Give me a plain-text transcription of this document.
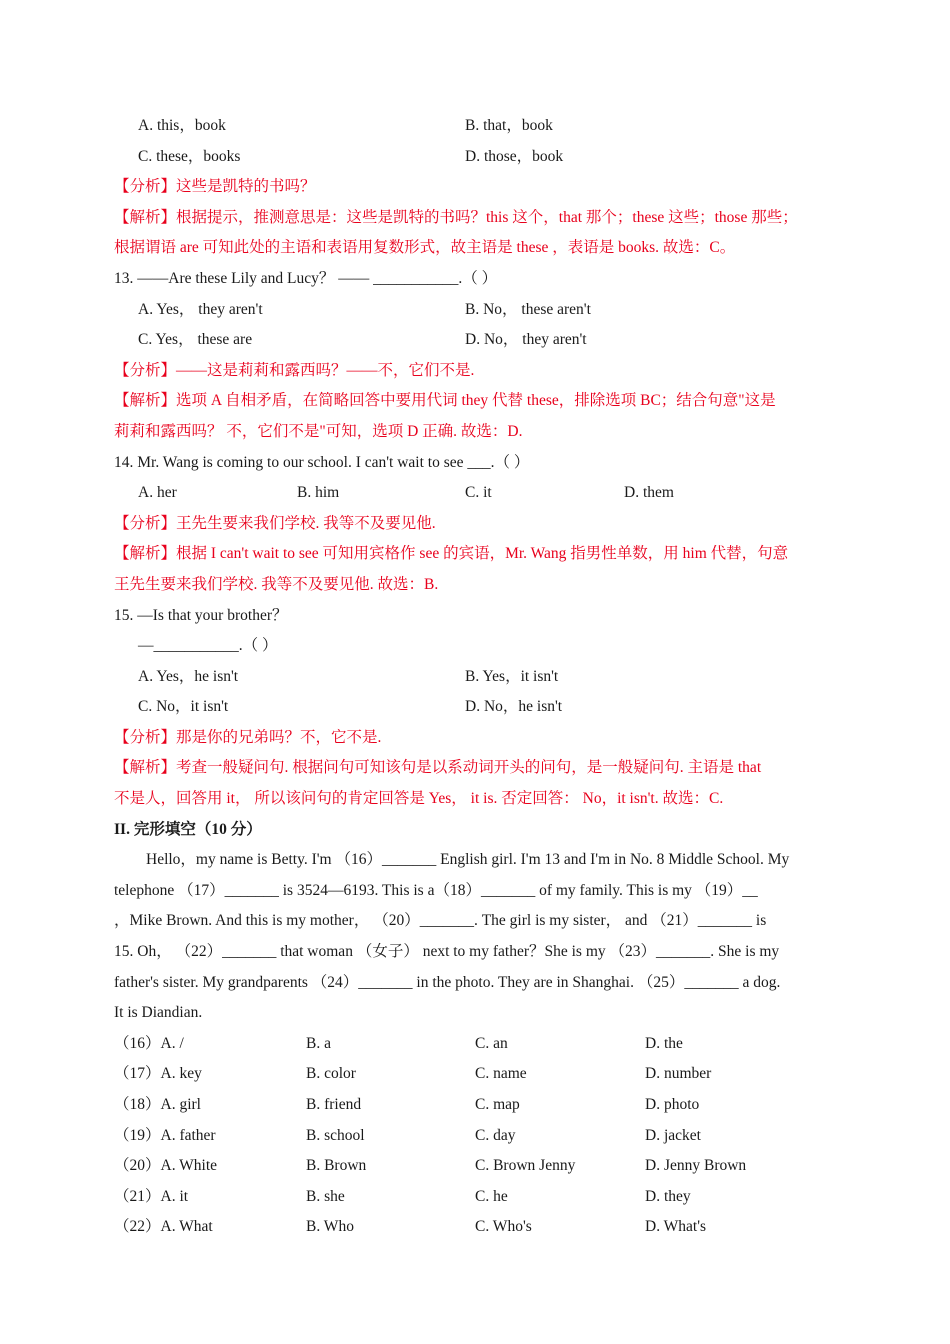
A. this，book	B. that，book
C. these，books	D. those，book
【分析】这些是凯特的书吗？
【解析】根据提示，推测意思是：这些是凯特的书吗？this 这个，that 那个；these 这些；those 那些；
根据谓语 are 可知此处的主语和表语用复数形式，故主语是 these ，表语是 books. 故选：C。
13. ——Are these Lily and Lucy？ —— ___________.（ ）
A. Yes， they aren't	B. No， these aren't
C. Yes， these are	D. No， they aren't
【分析】——这是莉莉和露西吗？——不，它们不是.
【解析】选项 A 自相矛盾，在简略回答中要用代词 they 代替 these，排除选项 BC；结合句意"这是
莉莉和露西吗？ 不，它们不是"可知，选项 D 正确. 故选：D.
14. Mr. Wang is coming to our school. I can't wait to see ___.（ ）
A. her	B. him	C. it	D. them
【分析】王先生要来我们学校. 我等不及要见他.
【解析】根据 I can't wait to see 可知用宾格作 see 的宾语，Mr. Wang 指男性单数，用 him 代替，句意
王先生要来我们学校. 我等不及要见他. 故选：B.
15. —Is that your brother？
—___________.（ ）
A. Yes，he isn't	B. Yes，it isn't
C. No，it isn't	D. No，he isn't
【分析】那是你的兄弟吗？不，它不是.
【解析】考查一般疑问句. 根据问句可知该句是以系动词开头的问句，是一般疑问句. 主语是 that
不是人，回答用 it， 所以该问句的肯定回答是 Yes， it is. 否定回答： No，it isn't. 故选：C.
II. 完形填空（10 分）
Hello，my name is Betty. I'm （16）_______ English girl. I'm 13 and I'm in No. 8 Middle School. My
telephone （17）_______ is 3524—6193. This is a（18）_______ of my family. This is my （19）__
，Mike Brown. And this is my mother， （20）_______. The girl is my sister， and （21）_______ is
15. Oh， （22）_______ that woman （女子） next to my father？She is my （23）_______. She is my
father's sister. My grandparents （24）_______ in the photo. They are in Shanghai. （25）_______ a dog.
It is Diandian.
（16）A. /	B. a	C. an	D. the
（17）A. key	B. color	C. name	D. number
（18）A. girl	B. friend	C. map	D. photo
（19）A. father	B. school	C. day	D. jacket
（20）A. White	B. Brown	C. Brown Jenny	D. Jenny Brown
（21）A. it	B. she	C. he	D. they
（22）A. What	B. Who	C. Who's	D. What's
